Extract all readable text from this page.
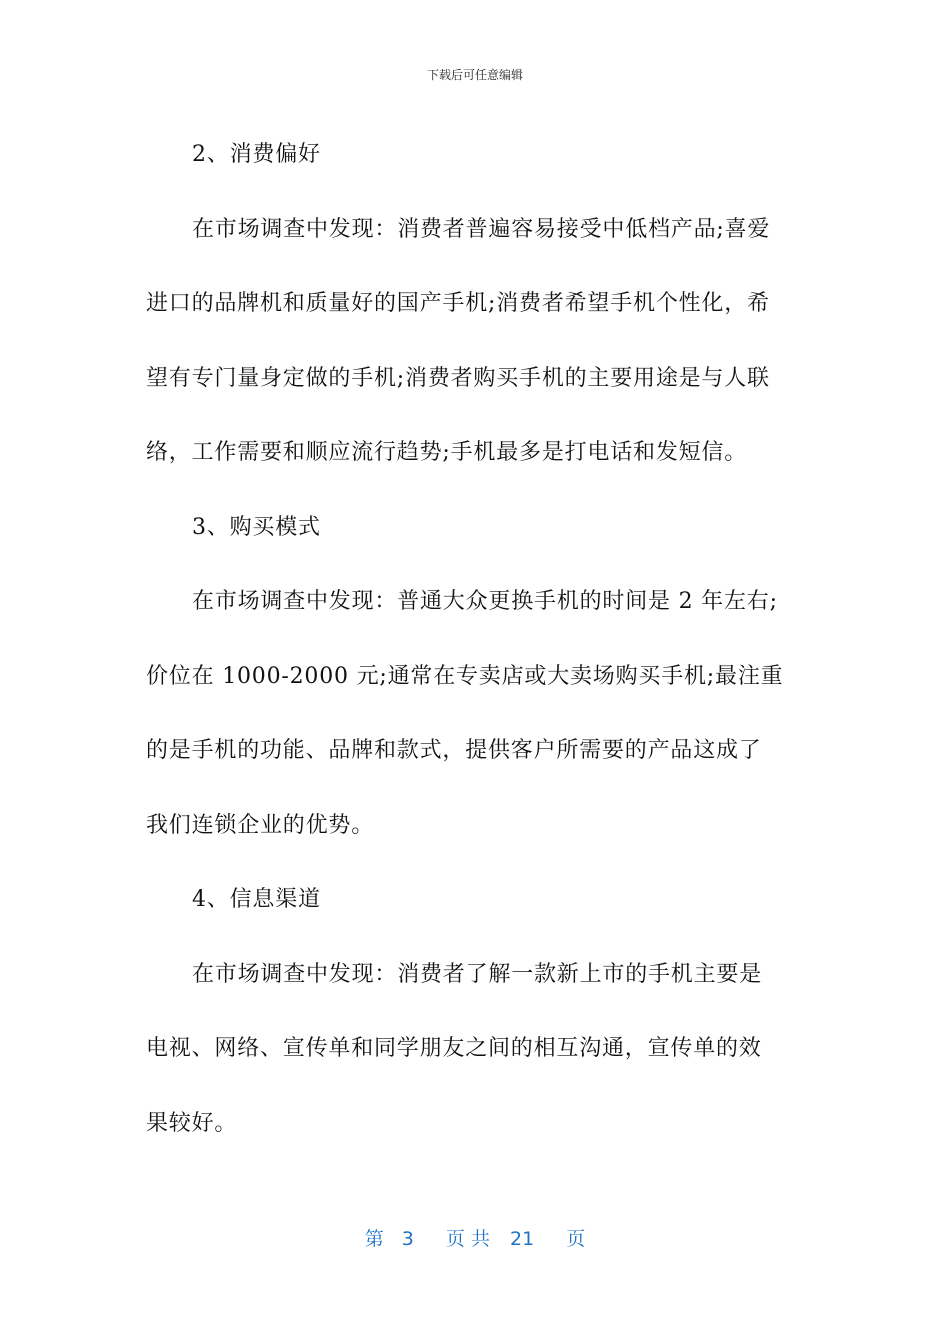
下载后可任意编辑
2、消费偏好
在市场调查中发现：消费者普遍容易接受中低档产品;喜爱
进口的品牌机和质量好的国产手机;消费者希望手机个性化，希
望有专门量身定做的手机;消费者购买手机的主要用途是与人联
络，工作需要和顺应流行趋势;手机最多是打电话和发短信。
3、购买模式
在市场调查中发现：普通大众更换手机的时间是 2 年左右;
价位在 1000-2000 元;通常在专卖店或大卖场购买手机;最注重
的是手机的功能、品牌和款式，提供客户所需要的产品这成了
我们连锁企业的优势。
4、信息渠道
在市场调查中发现：消费者了解一款新上市的手机主要是
电视、网络、宣传单和同学朋友之间的相互沟通，宣传单的效
果较好。
第 3 页 共 21 页
